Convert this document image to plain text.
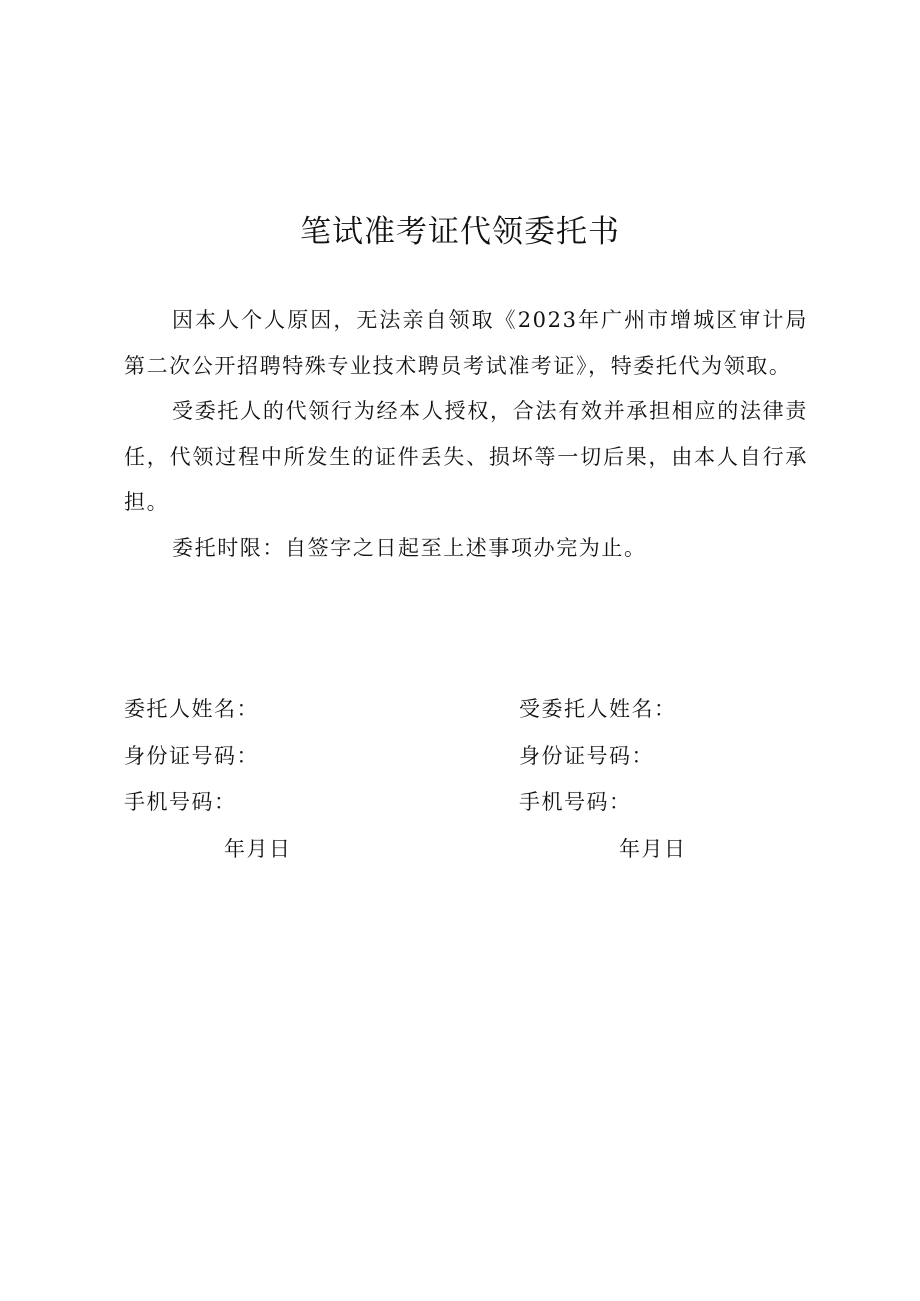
笔试准考证代领委托书

因本人个人原因，无法亲自领取《2023年广州市增城区审计局第二次公开招聘特殊专业技术聘员考试准考证》，特委托代为领取。

受委托人的代领行为经本人授权，合法有效并承担相应的法律责任，代领过程中所发生的证件丢失、损坏等一切后果，由本人自行承担。

委托时限：自签字之日起至上述事项办完为止。

委托人姓名：
身份证号码：
手机号码：
年月日
受委托人姓名：
身份证号码：
手机号码：
年月日
